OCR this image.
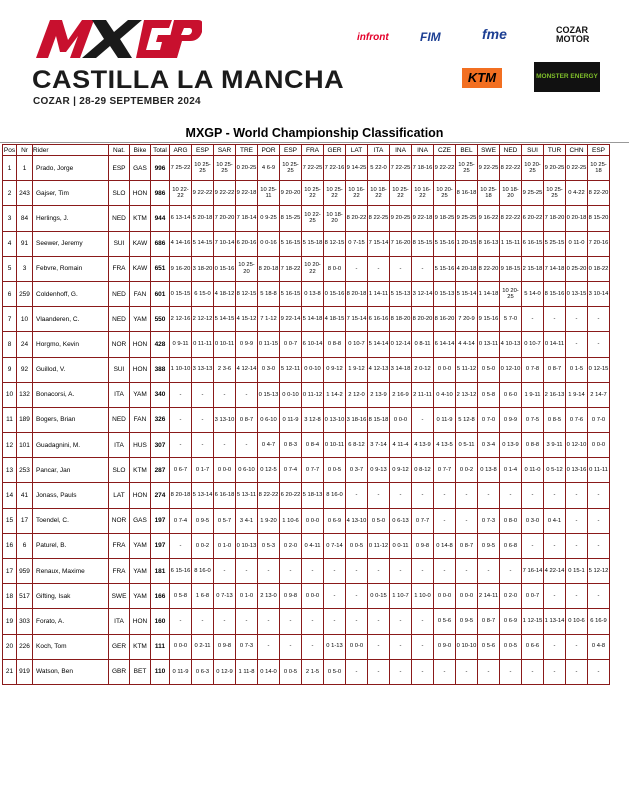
CASTILLA LA MANCHA
COZAR | 28-29 SEPTEMBER 2024
infront	FIM	fme	COZAR MOTOR
KTM	MONSTER ENERGY
MXGP - World Championship Classification
Pos	Nr	Rider	Nat.	Bike	Total	ARG	ESP	SAR	TRE	POR	ESP	FRA	GER	LAT	ITA	INA	INA	CZE	BEL	SWE	NED	SUI	TUR	CHN	ESP
1	1	Prado, Jorge	ESP	GAS	996	7 25-22	10 25-25	10 25-25	0 20-25	4 6-9	10 25-25	7 22-25	7 22-16	9 14-25	5 22-0	7 22-25	7 18-16	9 22-22	10 25-25	9 22-25	8 22-22	10 20-25	9 20-25	0 22-25	10 25-18
2	243	Gajser, Tim	SLO	HON	986	10 22-22	9 22-22	9 22-22	9 22-18	10 25-11	9 20-20	10 25-22	10 25-22	10 16-22	10 18-22	10 25-22	10 16-22	10 20-25	8 16-18	10 25-18	10 18-20	9 25-25	10 25-25	0 4-22	8 22-20
3	84	Herlings, J.	NED	KTM	944	6 13-14	5 20-18	7 20-20	7 18-14	0 9-25	8 15-25	10 22-25	10 18-20	8 20-22	8 22-25	9 20-25	9 22-18	9 18-25	9 25-25	9 16-22	8 22-22	6 20-22	7 18-20	0 20-18	8 15-20
4	91	Seewer, Jeremy	SUI	KAW	686	4 14-16	5 14-15	7 10-14	6 20-16	0 0-16	5 16-15	5 15-18	8 12-15	0 7-15	7 15-14	7 16-20	8 15-15	5 15-16	1 20-15	8 16-13	1 15-11	6 16-15	5 25-15	0 11-0	7 20-16
5	3	Febvre, Romain	FRA	KAW	651	9 16-20	3 18-20	0 15-16	10 25-20	8 20-18	7 18-22	10 20-22	8 0-0	-	-	-	-	5 15-16	4 20-18	8 22-20	9 18-15	2 15-18	7 14-18	0 25-20	0 18-22
6	259	Coldenhoff, G.	NED	FAN	601	0 15-15	6 15-0	4 18-12	8 12-15	5 18-8	5 16-15	0 13-8	0 15-16	8 20-18	1 14-11	5 15-13	3 12-14	0 15-13	5 15-14	1 14-18	10 20-25	5 14-0	8 15-16	0 13-15	3 10-14
7	10	Vlaanderen, C.	NED	YAM	550	2 12-16	2 12-12	5 14-15	4 15-12	7 1-12	9 22-14	5 14-18	4 18-15	7 15-14	6 16-16	8 18-20	8 20-20	8 16-20	7 20-9	9 15-16	5 7-0	-	-	-	-
8	24	Horgmo, Kevin	NOR	HON	428	0 9-11	0 11-11	0 10-11	0 9-9	0 11-15	0 0-7	6 10-14	0 8-8	0 10-7	5 14-14	0 12-14	0 8-11	6 14-14	4 4-14	0 13-11	4 10-13	0 10-7	0 14-11	-	-
9	92	Guillod, V.	SUI	HON	388	1 10-10	3 13-13	2 3-6	4 12-14	0 3-0	5 12-11	0 0-10	0 9-12	1 9-12	4 12-13	3 14-18	2 0-12	0 0-0	5 11-12	0 5-0	0 12-10	0 7-8	0 8-7	0 1-5	0 12-15
10	132	Bonacorsi, A.	ITA	YAM	340	-	-	-	-	0 15-13	0 0-10	0 11-12	1 14-2	2 12-0	2 13-9	2 16-9	2 11-11	0 4-10	2 13-12	0 5-8	0 6-0	1 9-11	2 16-13	1 9-14	2 14-7
11	189	Bogers, Brian	NED	FAN	326	-	-	3 13-10	0 8-7	0 6-10	0 11-9	3 12-8	0 13-10	3 18-16	8 15-18	0 0-0	-	0 11-9	5 12-8	0 7-0	0 9-9	0 7-5	0 8-5	0 7-6	0 7-0
12	101	Guadagnini, M.	ITA	HUS	307	-	-	-	-	0 4-7	0 8-3	0 8-4	0 10-11	6 8-12	3 7-14	4 11-4	4 13-9	4 13-5	0 5-11	0 3-4	0 13-9	0 8-8	3 9-11	0 12-10	0 0-0
13	253	Pancar, Jan	SLO	KTM	287	0 6-7	0 1-7	0 0-0	0 6-10	0 12-5	0 7-4	0 7-7	0 0-5	0 3-7	0 9-13	0 9-12	0 8-12	0 7-7	0 0-2	0 13-8	0 1-4	0 11-0	0 5-12	0 13-16	0 11-11
14	41	Jonass, Pauls	LAT	HON	274	8 20-18	5 13-14	6 16-18	5 13-11	8 22-22	6 20-22	5 18-13	8 16-0	-	-	-	-	-	-	-	-	-	-	-	-
15	17	Toendel, C.	NOR	GAS	197	0 7-4	0 9-5	0 5-7	3 4-1	1 9-20	1 10-6	0 0-0	0 6-9	4 13-10	0 5-0	0 6-13	0 7-7	-	-	0 7-3	0 8-0	0 3-0	0 4-1	-	-
16	6	Paturel, B.	FRA	YAM	197	-	0 0-2	0 1-0	0 10-13	0 5-3	0 2-0	0 4-11	0 7-14	0 0-5	0 11-12	0 0-11	0 9-8	0 14-8	0 8-7	0 9-5	0 6-8	-	-	-	-
17	959	Renaux, Maxime	FRA	YAM	181	6 15-16	8 16-0	-	-	-	-	-	-	-	-	-	-	-	-	-	-	7 16-14	4 22-14	0 15-1	5 12-12
18	517	Gifting, Isak	SWE	YAM	166	0 5-8	1 6-8	0 7-13	0 1-0	2 13-0	0 9-8	0 0-0	-	-	0 0-15	1 10-7	1 10-0	0 0-0	0 0-0	2 14-11	0 2-0	0 0-7	-	-	-
19	303	Forato, A.	ITA	HON	160	-	-	-	-	-	-	-	-	-	-	-	-	0 5-6	0 9-5	0 8-7	0 6-9	1 12-15	1 13-14	0 10-6	6 16-9
20	226	Koch, Tom	GER	KTM	111	0 0-0	0 2-11	0 9-8	0 7-3	-	-	-	0 1-13	0 0-0	-	-	-	0 9-0	0 10-10	0 5-6	0 0-5	0 6-6	-	-	0 4-8
21	919	Watson, Ben	GBR	BET	110	0 11-9	0 6-3	0 12-9	1 11-8	0 14-0	0 0-5	2 1-5	0 5-0	-	-	-	-	-	-	-	-	-	-	-	-
